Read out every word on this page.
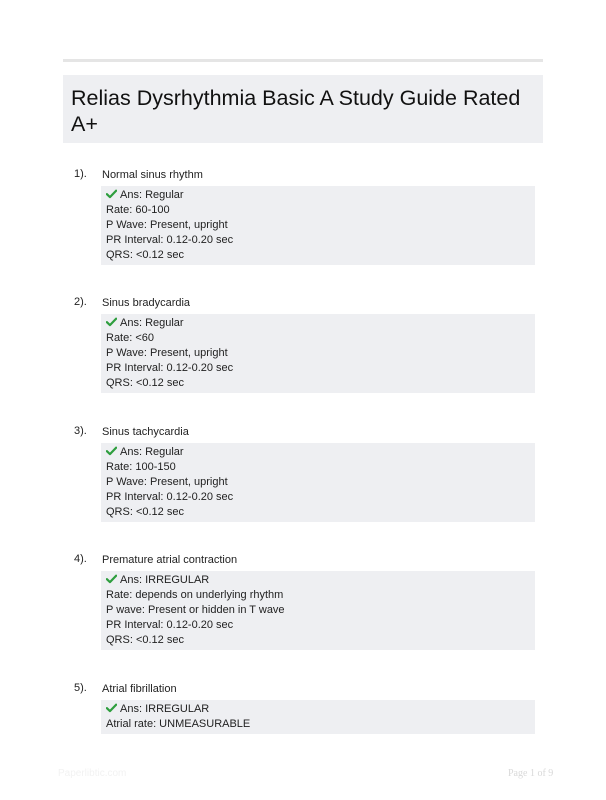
Relias Dysrhythmia Basic A Study Guide Rated A+
1). Normal sinus rhythm
Ans: Regular
Rate: 60-100
P Wave: Present, upright
PR Interval: 0.12-0.20 sec
QRS: <0.12 sec
2). Sinus bradycardia
Ans: Regular
Rate: <60
P Wave: Present, upright
PR Interval: 0.12-0.20 sec
QRS: <0.12 sec
3). Sinus tachycardia
Ans: Regular
Rate: 100-150
P Wave: Present, upright
PR Interval: 0.12-0.20 sec
QRS: <0.12 sec
4). Premature atrial contraction
Ans: IRREGULAR
Rate: depends on underlying rhythm
P wave: Present or hidden in T wave
PR Interval: 0.12-0.20 sec
QRS: <0.12 sec
5). Atrial fibrillation
Ans: IRREGULAR
Atrial rate: UNMEASURABLE
Paperlibtic.com	Page 1 of 9
